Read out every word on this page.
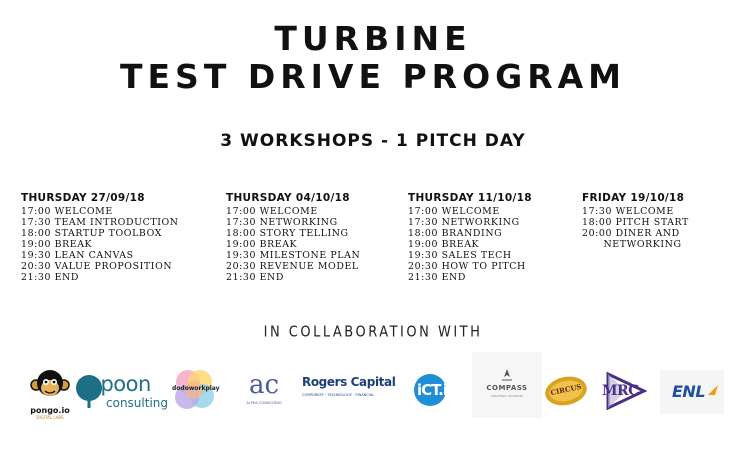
TURBINE
TEST DRIVE PROGRAM
3 WORKSHOPS - 1 PITCH DAY
THURSDAY 27/09/18
17:00 WELCOME
17:30 TEAM INTRODUCTION
18:00 STARTUP TOOLBOX
19:00 BREAK
19:30 LEAN CANVAS
20:30 VALUE PROPOSITION
21:30 END
THURSDAY 04/10/18
17:00 WELCOME
17:30 NETWORKING
18:00 STORY TELLING
19:00 BREAK
19:30 MILESTONE PLAN
20:30 REVENUE MODEL
21:30 END
THURSDAY 11/10/18
17:00 WELCOME
17:30 NETWORKING
18:00 BRANDING
19:00 BREAK
19:30 SALES TECH
20:30 HOW TO PITCH
21:30 END
FRIDAY 19/10/18
17:30 WELCOME
18:00 PITCH START
20:00 DINER AND
NETWORKING
IN COLLABORATION WITH
pongo.io
DIGITAL LABS
spoon
consulting
dodoworkplay ac
ALPHA CONSULTING
Rogers Capital
CORPORATE · TECHNOLOGY · FINANCIAL	iCT.io	COMPASS
STRATEGIC ADVISORY	CIRCUS	MRC ENL
